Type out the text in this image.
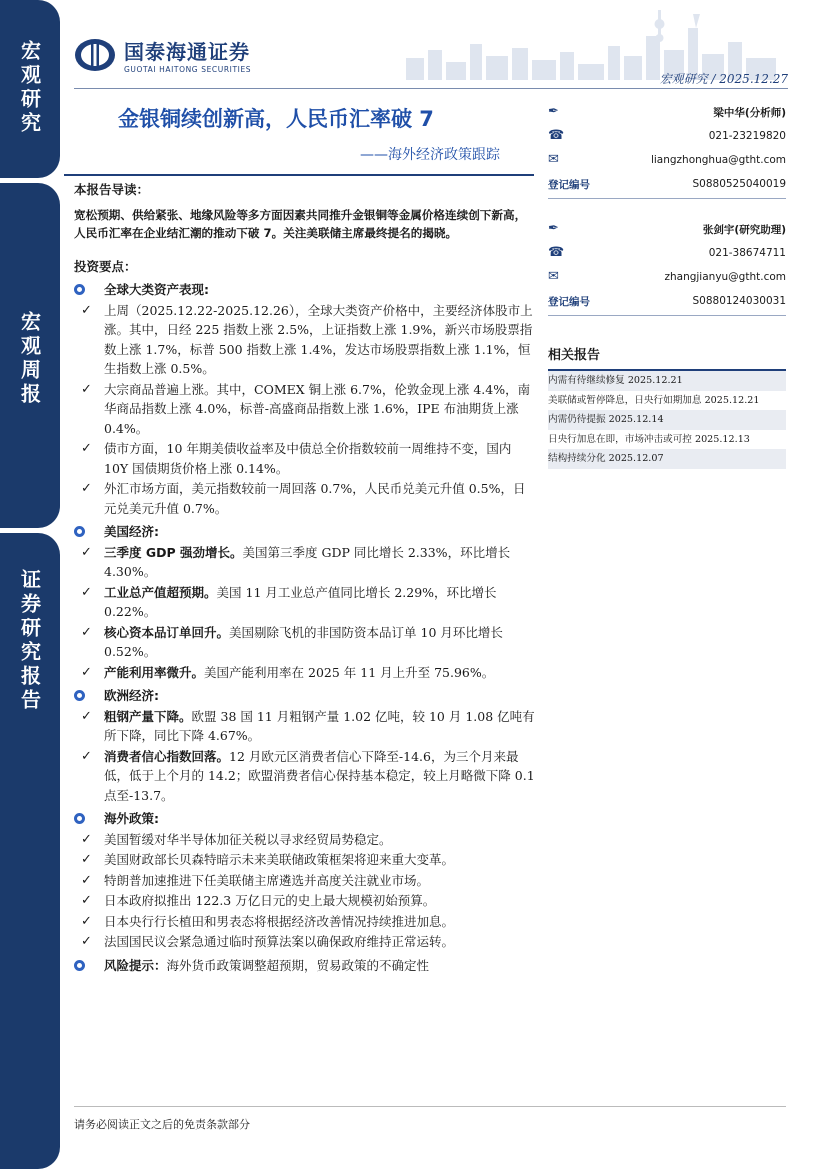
宏观研究
宏观周报
证券研究报告
国泰海通证券
GUOTAI HAITONG SECURITIES
宏观研究 / 2025.12.27
金银铜续创新高，人民币汇率破 7
——海外经济政策跟踪
本报告导读：
宽松预期、供给紧张、地缘风险等多方面因素共同推升金银铜等金属价格连续创下新高，人民币汇率在企业结汇潮的推动下破 7。关注美联储主席最终提名的揭晓。
投资要点：
全球大类资产表现:
✓ 上周（2025.12.22-2025.12.26），全球大类资产价格中，主要经济体股市上涨。其中，日经 225 指数上涨 2.5%，上证指数上涨 1.9%，新兴市场股票指数上涨 1.7%，标普 500 指数上涨 1.4%，发达市场股票指数上涨 1.1%，恒生指数上涨 0.5%。
✓ 大宗商品普遍上涨。其中，COMEX 铜上涨 6.7%，伦敦金现上涨 4.4%，南华商品指数上涨 4.0%，标普-高盛商品指数上涨 1.6%，IPE 布油期货上涨 0.4%。
✓ 债市方面，10 年期美债收益率及中债总全价指数较前一周维持不变，国内 10Y 国债期货价格上涨 0.14%。
✓ 外汇市场方面，美元指数较前一周回落 0.7%，人民币兑美元升值 0.5%，日元兑美元升值 0.7%。
美国经济:
✓ 三季度 GDP 强劲增长。美国第三季度 GDP 同比增长 2.33%，环比增长 4.30%。
✓ 工业总产值超预期。美国 11 月工业总产值同比增长 2.29%，环比增长 0.22%。
✓ 核心资本品订单回升。美国剔除飞机的非国防资本品订单 10 月环比增长 0.52%。
✓ 产能利用率微升。美国产能利用率在 2025 年 11 月上升至 75.96%。
欧洲经济:
✓ 粗钢产量下降。欧盟 38 国 11 月粗钢产量 1.02 亿吨，较 10 月 1.08 亿吨有所下降，同比下降 4.67%。
✓ 消费者信心指数回落。12 月欧元区消费者信心下降至-14.6，为三个月来最低，低于上个月的 14.2；欧盟消费者信心保持基本稳定，较上月略微下降 0.1 点至-13.7。
海外政策:
✓ 美国暂缓对华半导体加征关税以寻求经贸局势稳定。
✓ 美国财政部长贝森特暗示未来美联储政策框架将迎来重大变革。
✓ 特朗普加速推进下任美联储主席遴选并高度关注就业市场。
✓ 日本政府拟推出 122.3 万亿日元的史上最大规模初始预算。
✓ 日本央行行长植田和男表态将根据经济改善情况持续推进加息。
✓ 法国国民议会紧急通过临时预算法案以确保政府维持正常运转。
风险提示：海外货币政策调整超预期，贸易政策的不确定性
✒	梁中华(分析师)
☎	021-23219820
✉	liangzhonghua@gtht.com
登记编号	S0880525040019
✒	张剑宇(研究助理)
☎	021-38674711
✉	zhangjianyu@gtht.com
登记编号	S0880124030031
相关报告
内需有待继续修复 2025.12.21
美联储或暂停降息，日央行如期加息 2025.12.21
内需仍待提振 2025.12.14
日央行加息在即，市场冲击或可控 2025.12.13
结构持续分化 2025.12.07
请务必阅读正文之后的免责条款部分
